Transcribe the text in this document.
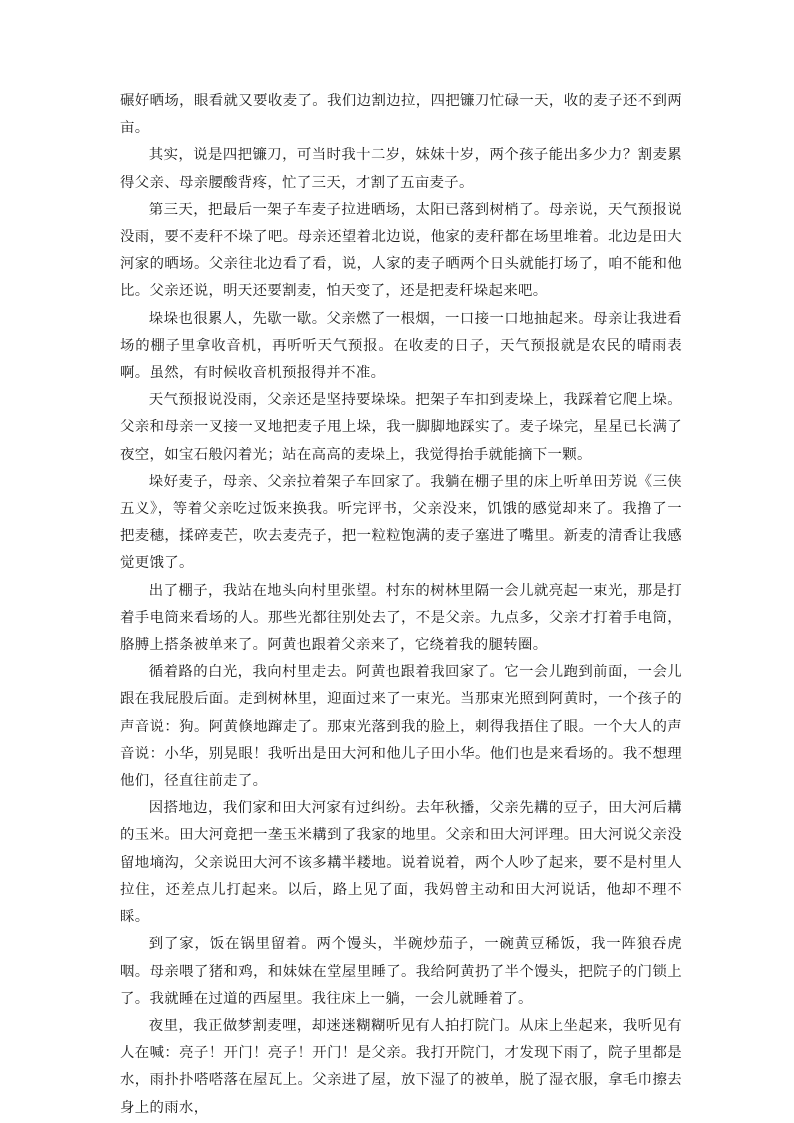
碾好晒场，眼看就又要收麦了。我们边割边拉，四把镰刀忙碌一天，收的麦子还不到两亩。

其实，说是四把镰刀，可当时我十二岁，妹妹十岁，两个孩子能出多少力？割麦累得父亲、母亲腰酸背疼，忙了三天，才割了五亩麦子。

第三天，把最后一架子车麦子拉进晒场，太阳已落到树梢了。母亲说，天气预报说没雨，要不麦秆不垛了吧。母亲还望着北边说，他家的麦秆都在场里堆着。北边是田大河家的晒场。父亲往北边看了看，说，人家的麦子晒两个日头就能打场了，咱不能和他比。父亲还说，明天还要割麦，怕天变了，还是把麦秆垛起来吧。

垛垛也很累人，先歇一歇。父亲燃了一根烟，一口接一口地抽起来。母亲让我进看场的棚子里拿收音机，再听听天气预报。在收麦的日子，天气预报就是农民的晴雨表啊。虽然，有时候收音机预报得并不准。

天气预报说没雨，父亲还是坚持要垛垛。把架子车扣到麦垛上，我踩着它爬上垛。父亲和母亲一叉接一叉地把麦子甩上垛，我一脚脚地踩实了。麦子垛完，星星已长满了夜空，如宝石般闪着光；站在高高的麦垛上，我觉得抬手就能摘下一颗。

垛好麦子，母亲、父亲拉着架子车回家了。我躺在棚子里的床上听单田芳说《三侠五义》，等着父亲吃过饭来换我。听完评书，父亲没来，饥饿的感觉却来了。我撸了一把麦穗，揉碎麦芒，吹去麦壳子，把一粒粒饱满的麦子塞进了嘴里。新麦的清香让我感觉更饿了。

出了棚子，我站在地头向村里张望。村东的树林里隔一会儿就亮起一束光，那是打着手电筒来看场的人。那些光都往别处去了，不是父亲。九点多，父亲才打着手电筒，胳膊上搭条被单来了。阿黄也跟着父亲来了，它绕着我的腿转圈。

循着路的白光，我向村里走去。阿黄也跟着我回家了。它一会儿跑到前面，一会儿跟在我屁股后面。走到树林里，迎面过来了一束光。当那束光照到阿黄时，一个孩子的声音说：狗。阿黄倏地蹿走了。那束光落到我的脸上，刺得我捂住了眼。一个大人的声音说：小华，别晃眼！我听出是田大河和他儿子田小华。他们也是来看场的。我不想理他们，径直往前走了。

因搭地边，我们家和田大河家有过纠纷。去年秋播，父亲先耩的豆子，田大河后耩的玉米。田大河竟把一垄玉米耩到了我家的地里。父亲和田大河评理。田大河说父亲没留地墒沟，父亲说田大河不该多耩半耧地。说着说着，两个人吵了起来，要不是村里人拉住，还差点儿打起来。以后，路上见了面，我妈曾主动和田大河说话，他却不理不睬。

到了家，饭在锅里留着。两个馒头，半碗炒茄子，一碗黄豆稀饭，我一阵狼吞虎咽。母亲喂了猪和鸡，和妹妹在堂屋里睡了。我给阿黄扔了半个馒头，把院子的门锁上了。我就睡在过道的西屋里。我往床上一躺，一会儿就睡着了。

夜里，我正做梦割麦哩，却迷迷糊糊听见有人拍打院门。从床上坐起来，我听见有人在喊：亮子！开门！亮子！开门！是父亲。我打开院门，才发现下雨了，院子里都是水，雨扑扑嗒嗒落在屋瓦上。父亲进了屋，放下湿了的被单，脱了湿衣服，拿毛巾擦去身上的雨水，
